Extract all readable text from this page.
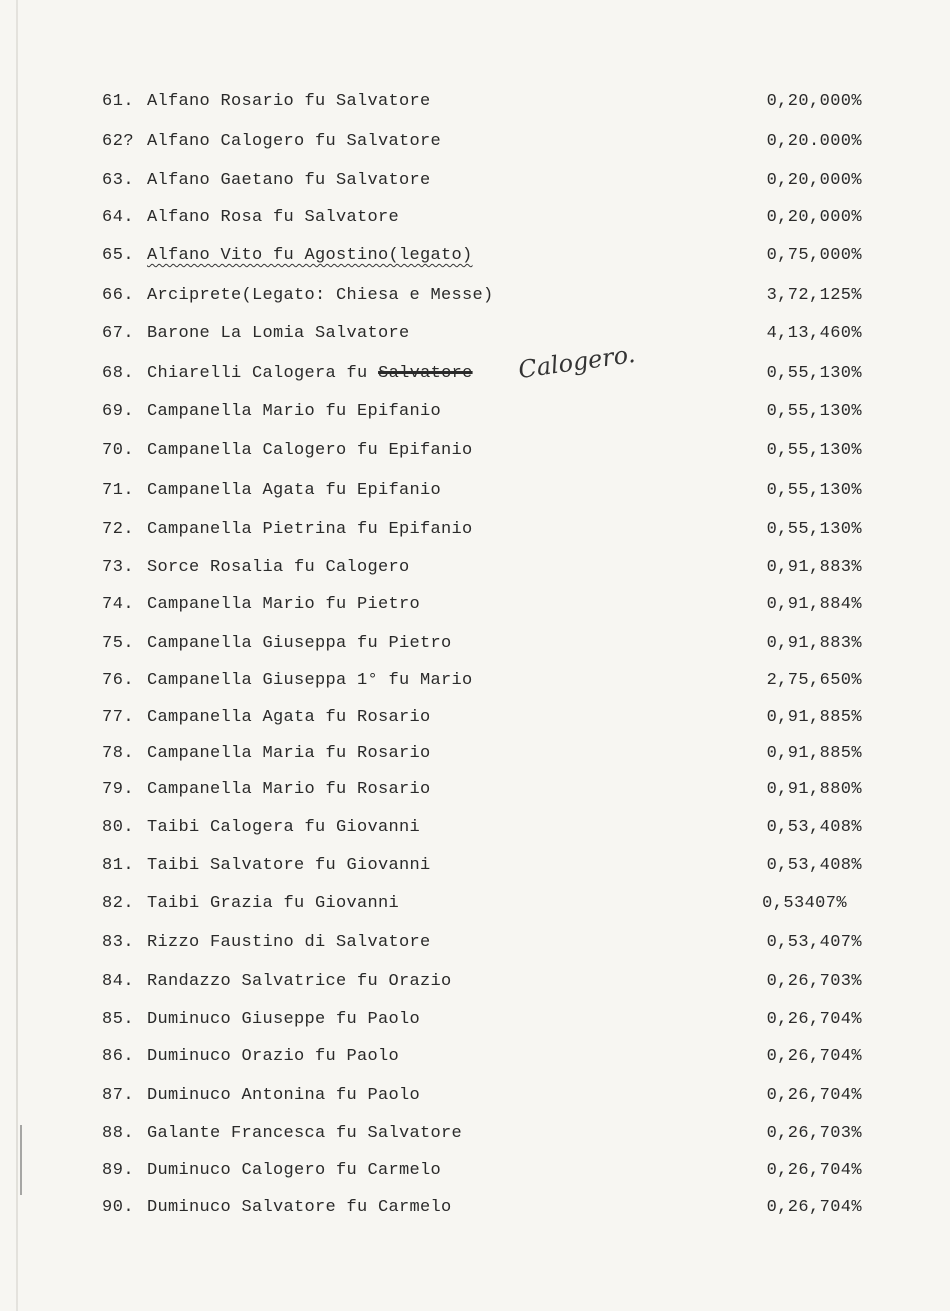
61. Alfano Rosario fu Salvatore	0,20,000%
62? Alfano Calogero fu Salvatore	0,20.000%
63. Alfano Gaetano fu Salvatore	0,20,000%
64. Alfano Rosa fu Salvatore	0,20,000%
65. Alfano Vito fu Agostino(legato)	0,75,000%
66. Arciprete(Legato: Chiesa e Messe)	3,72,125%
67. Barone La Lomia Salvatore	4,13,460%
68. Chiarelli Calogera fu Salvatore Calogero.	0,55,130%
69. Campanella Mario fu Epifanio	0,55,130%
70. Campanella Calogero fu Epifanio	0,55,130%
71. Campanella Agata fu Epifanio	0,55,130%
72. Campanella Pietrina fu Epifanio	0,55,130%
73. Sorce Rosalia fu Calogero	0,91,883%
74. Campanella Mario fu Pietro	0,91,884%
75. Campanella Giuseppa fu Pietro	0,91,883%
76. Campanella Giuseppa 1° fu Mario	2,75,650%
77. Campanella Agata fu Rosario	0,91,885%
78. Campanella Maria fu Rosario	0,91,885%
79. Campanella Mario fu Rosario	0,91,880%
80. Taibi Calogera fu Giovanni	0,53,408%
81. Taibi Salvatore fu Giovanni	0,53,408%
82. Taibi Grazia fu Giovanni	0,53407%
83. Rizzo Faustino di Salvatore	0,53,407%
84. Randazzo Salvatrice fu Orazio	0,26,703%
85. Duminuco Giuseppe fu Paolo	0,26,704%
86. Duminuco Orazio fu Paolo	0,26,704%
87. Duminuco Antonina fu Paolo	0,26,704%
88. Galante Francesca fu Salvatore	0,26,703%
89. Duminuco Calogero fu Carmelo	0,26,704%
90. Duminuco Salvatore fu Carmelo	0,26,704%
